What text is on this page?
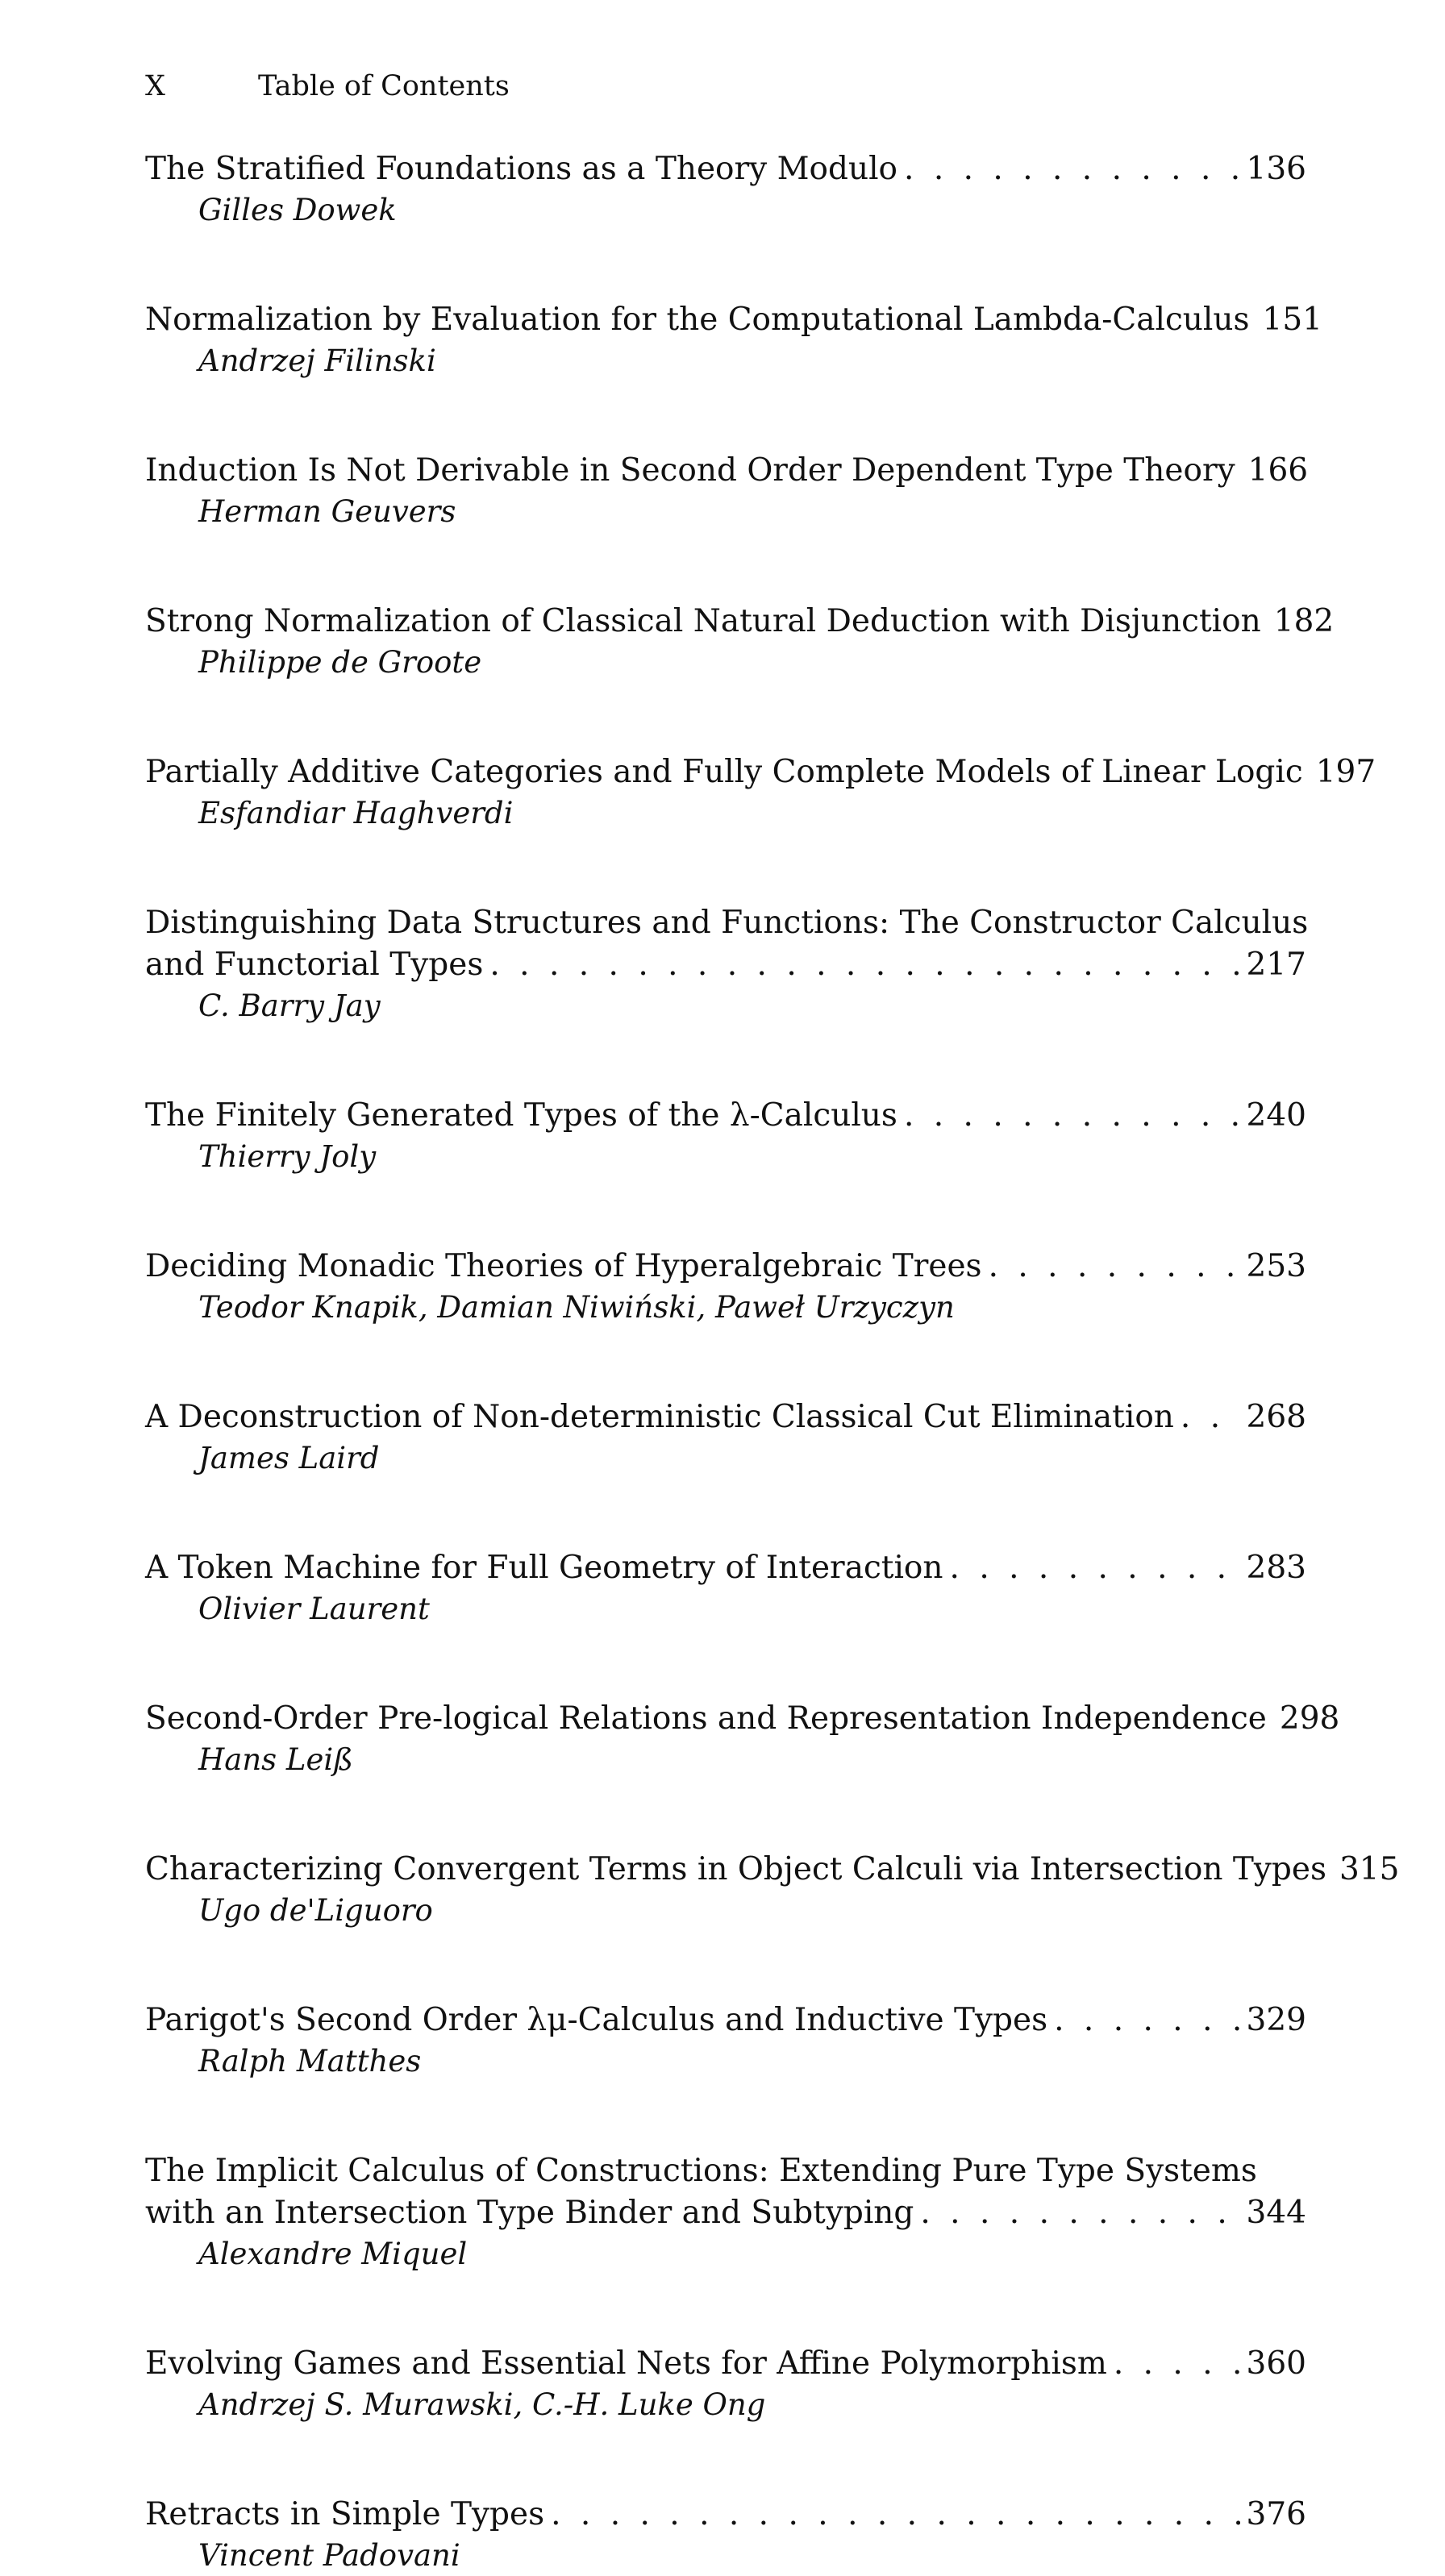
X	Table of Contents
The Stratified Foundations as a Theory Modulo . . .	136
Gilles Dowek
Normalization by Evaluation for the Computational Lambda-Calculus 151
Andrzej Filinski
Induction Is Not Derivable in Second Order Dependent Type Theory 166
Herman Geuvers
Strong Normalization of Classical Natural Deduction with Disjunction 182
Philippe de Groote
Partially Additive Categories and Fully Complete Models of Linear Logic 197
Esfandiar Haghverdi
Distinguishing Data Structures and Functions: The Constructor Calculus
and Functorial Types . . .	217
C. Barry Jay
The Finitely Generated Types of the λ-Calculus . . .	240
Thierry Joly
Deciding Monadic Theories of Hyperalgebraic Trees . . .	253
Teodor Knapik, Damian Niwiński, Paweł Urzyczyn
A Deconstruction of Non-deterministic Classical Cut Elimination . . . 268
James Laird
A Token Machine for Full Geometry of Interaction . . .	283
Olivier Laurent
Second-Order Pre-logical Relations and Representation Independence 298
Hans Leiß
Characterizing Convergent Terms in Object Calculi via Intersection Types 315
Ugo de'Liguoro
Parigot's Second Order λμ-Calculus and Inductive Types . . .	329
Ralph Matthes
The Implicit Calculus of Constructions: Extending Pure Type Systems
with an Intersection Type Binder and Subtyping . . .	344
Alexandre Miquel
Evolving Games and Essential Nets for Affine Polymorphism . . .	360
Andrzej S. Murawski, C.-H. Luke Ong
Retracts in Simple Types . . .	376
Vincent Padovani
